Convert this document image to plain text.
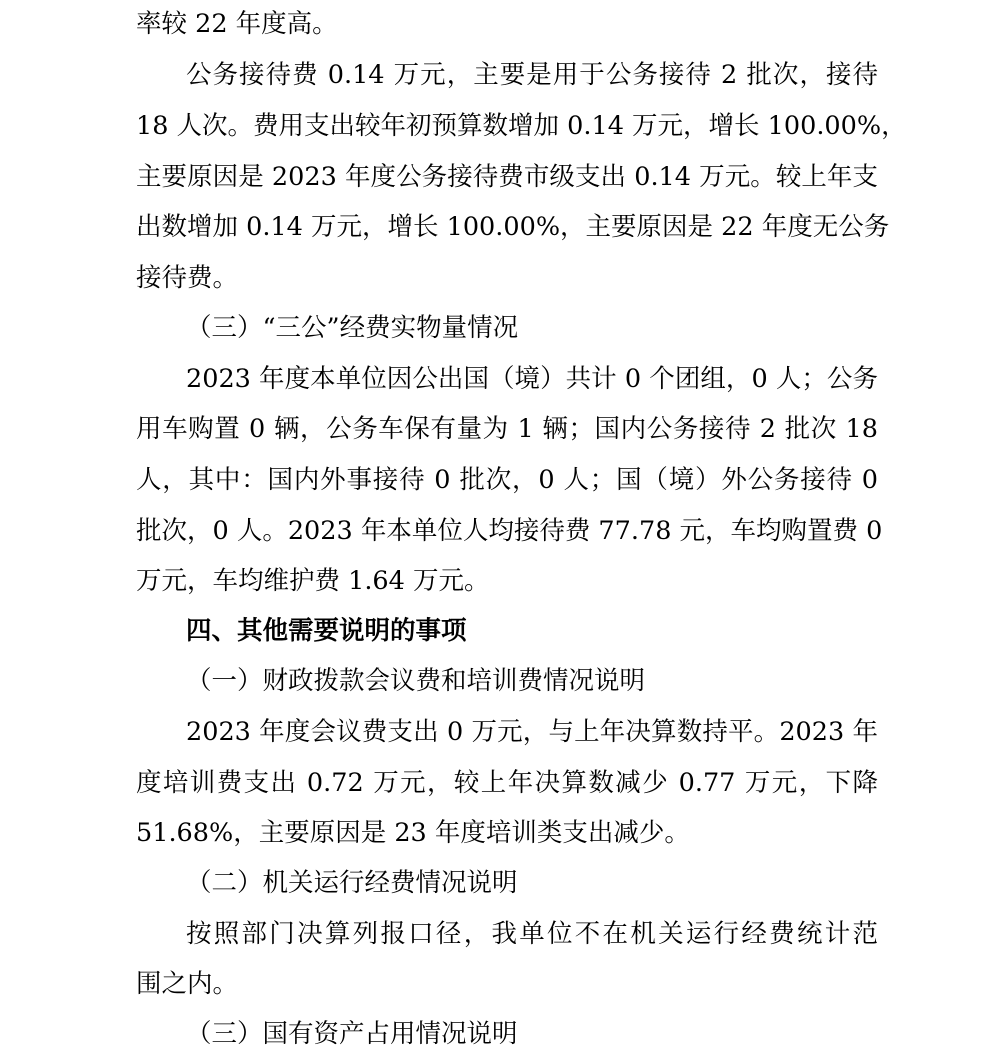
率较 22 年度高。
公务接待费 0.14 万元，主要是用于公务接待 2 批次，接待
18 人次。费用支出较年初预算数增加 0.14 万元，增长 100.00%，
主要原因是 2023 年度公务接待费市级支出 0.14 万元。较上年支
出数增加 0.14 万元，增长 100.00%，主要原因是 22 年度无公务
接待费。
（三）“三公”经费实物量情况
2023 年度本单位因公出国（境）共计 0 个团组，0 人；公务
用车购置 0 辆，公务车保有量为 1 辆；国内公务接待 2 批次 18
人，其中：国内外事接待 0 批次，0 人；国（境）外公务接待 0
批次，0 人。2023 年本单位人均接待费 77.78 元，车均购置费 0
万元，车均维护费 1.64 万元。
四、其他需要说明的事项
（一）财政拨款会议费和培训费情况说明
2023 年度会议费支出 0 万元，与上年决算数持平。2023 年
度培训费支出 0.72 万元，较上年决算数减少 0.77 万元，下降
51.68%，主要原因是 23 年度培训类支出减少。
（二）机关运行经费情况说明
按照部门决算列报口径，我单位不在机关运行经费统计范
围之内。
（三）国有资产占用情况说明
